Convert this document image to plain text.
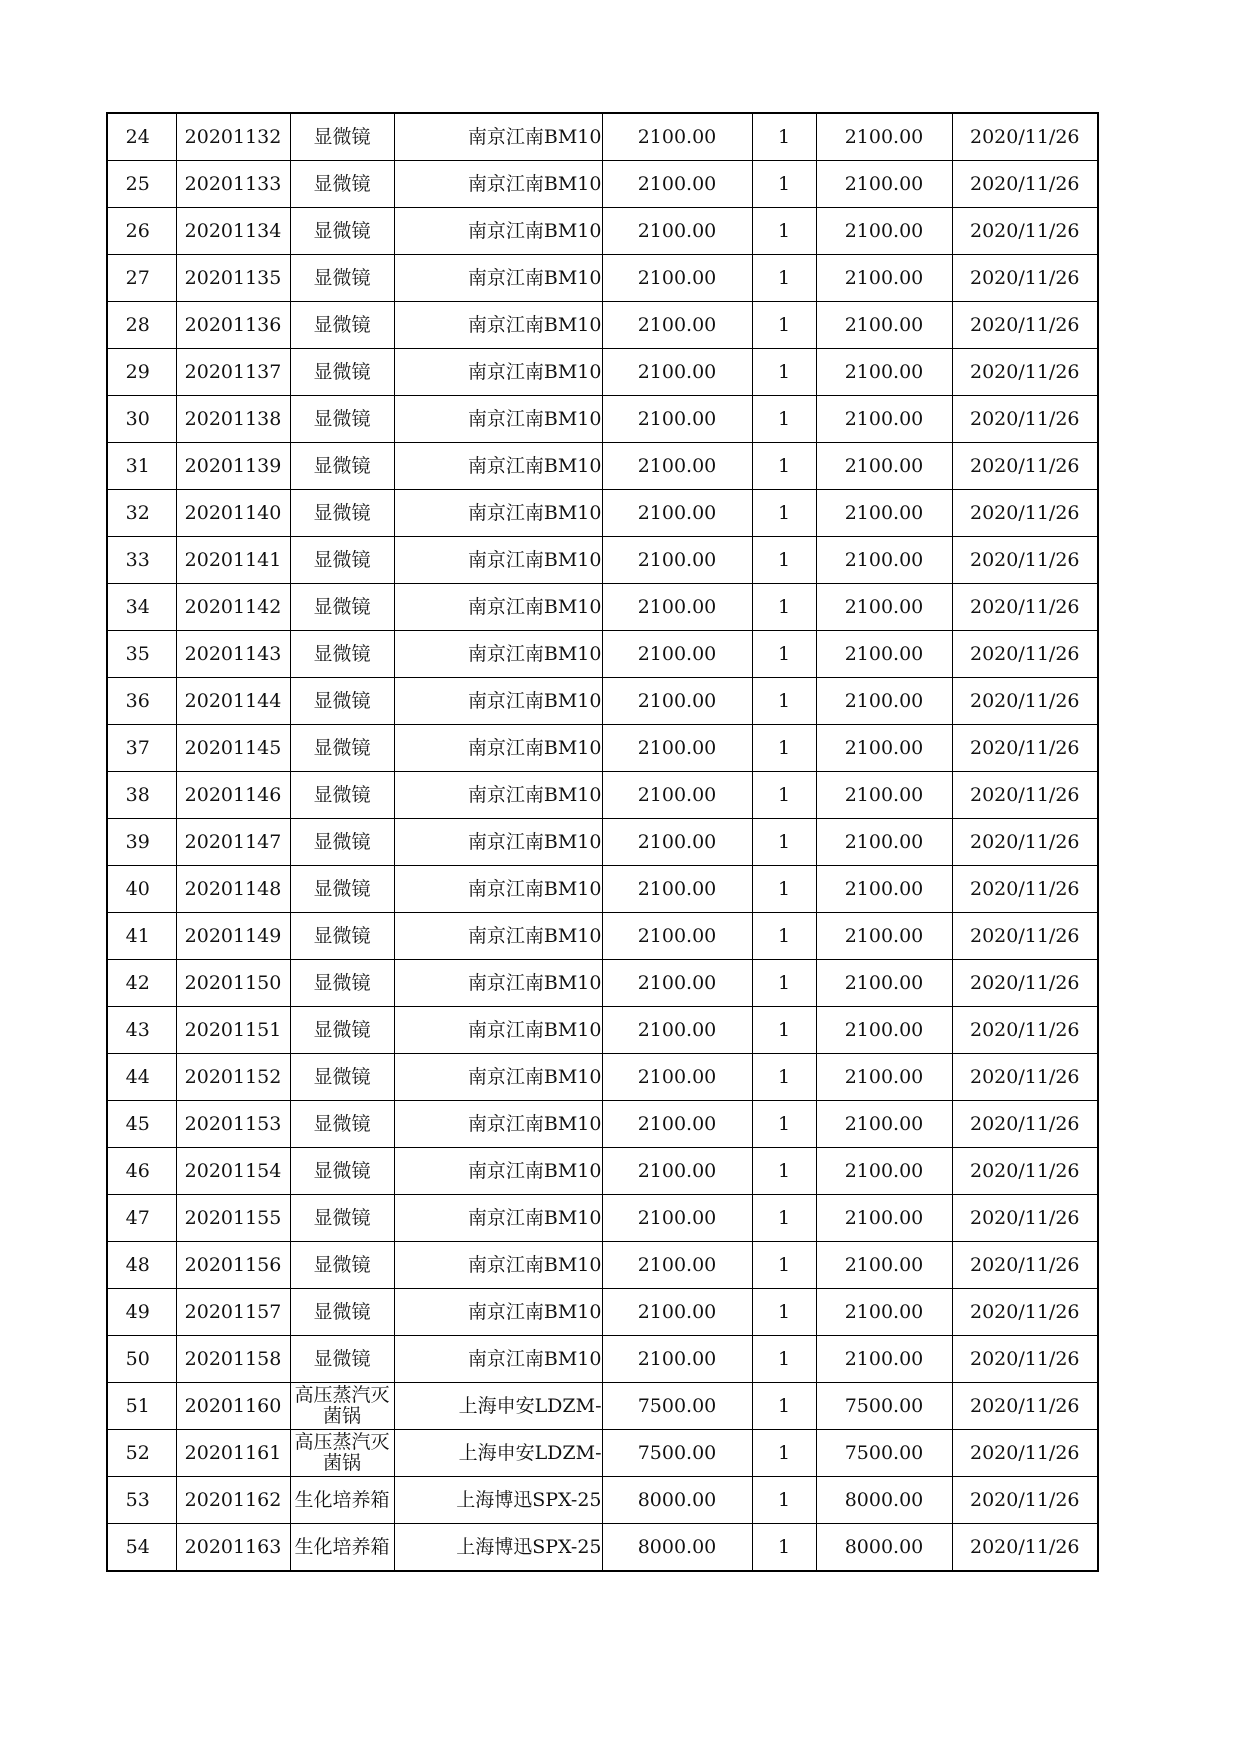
24	20201132	显微镜	南京江南BM10	2100.00	1	2100.00	2020/11/26
25	20201133	显微镜	南京江南BM10	2100.00	1	2100.00	2020/11/26
26	20201134	显微镜	南京江南BM10	2100.00	1	2100.00	2020/11/26
27	20201135	显微镜	南京江南BM10	2100.00	1	2100.00	2020/11/26
28	20201136	显微镜	南京江南BM10	2100.00	1	2100.00	2020/11/26
29	20201137	显微镜	南京江南BM10	2100.00	1	2100.00	2020/11/26
30	20201138	显微镜	南京江南BM10	2100.00	1	2100.00	2020/11/26
31	20201139	显微镜	南京江南BM10	2100.00	1	2100.00	2020/11/26
32	20201140	显微镜	南京江南BM10	2100.00	1	2100.00	2020/11/26
33	20201141	显微镜	南京江南BM10	2100.00	1	2100.00	2020/11/26
34	20201142	显微镜	南京江南BM10	2100.00	1	2100.00	2020/11/26
35	20201143	显微镜	南京江南BM10	2100.00	1	2100.00	2020/11/26
36	20201144	显微镜	南京江南BM10	2100.00	1	2100.00	2020/11/26
37	20201145	显微镜	南京江南BM10	2100.00	1	2100.00	2020/11/26
38	20201146	显微镜	南京江南BM10	2100.00	1	2100.00	2020/11/26
39	20201147	显微镜	南京江南BM10	2100.00	1	2100.00	2020/11/26
40	20201148	显微镜	南京江南BM10	2100.00	1	2100.00	2020/11/26
41	20201149	显微镜	南京江南BM10	2100.00	1	2100.00	2020/11/26
42	20201150	显微镜	南京江南BM10	2100.00	1	2100.00	2020/11/26
43	20201151	显微镜	南京江南BM10	2100.00	1	2100.00	2020/11/26
44	20201152	显微镜	南京江南BM10	2100.00	1	2100.00	2020/11/26
45	20201153	显微镜	南京江南BM10	2100.00	1	2100.00	2020/11/26
46	20201154	显微镜	南京江南BM10	2100.00	1	2100.00	2020/11/26
47	20201155	显微镜	南京江南BM10	2100.00	1	2100.00	2020/11/26
48	20201156	显微镜	南京江南BM10	2100.00	1	2100.00	2020/11/26
49	20201157	显微镜	南京江南BM10	2100.00	1	2100.00	2020/11/26
50	20201158	显微镜	南京江南BM10	2100.00	1	2100.00	2020/11/26
51	20201160	高压蒸汽灭菌锅	上海申安LDZM-	7500.00	1	7500.00	2020/11/26
52	20201161	高压蒸汽灭菌锅	上海申安LDZM-	7500.00	1	7500.00	2020/11/26
53	20201162	生化培养箱	上海博迅SPX-25	8000.00	1	8000.00	2020/11/26
54	20201163	生化培养箱	上海博迅SPX-25	8000.00	1	8000.00	2020/11/26
